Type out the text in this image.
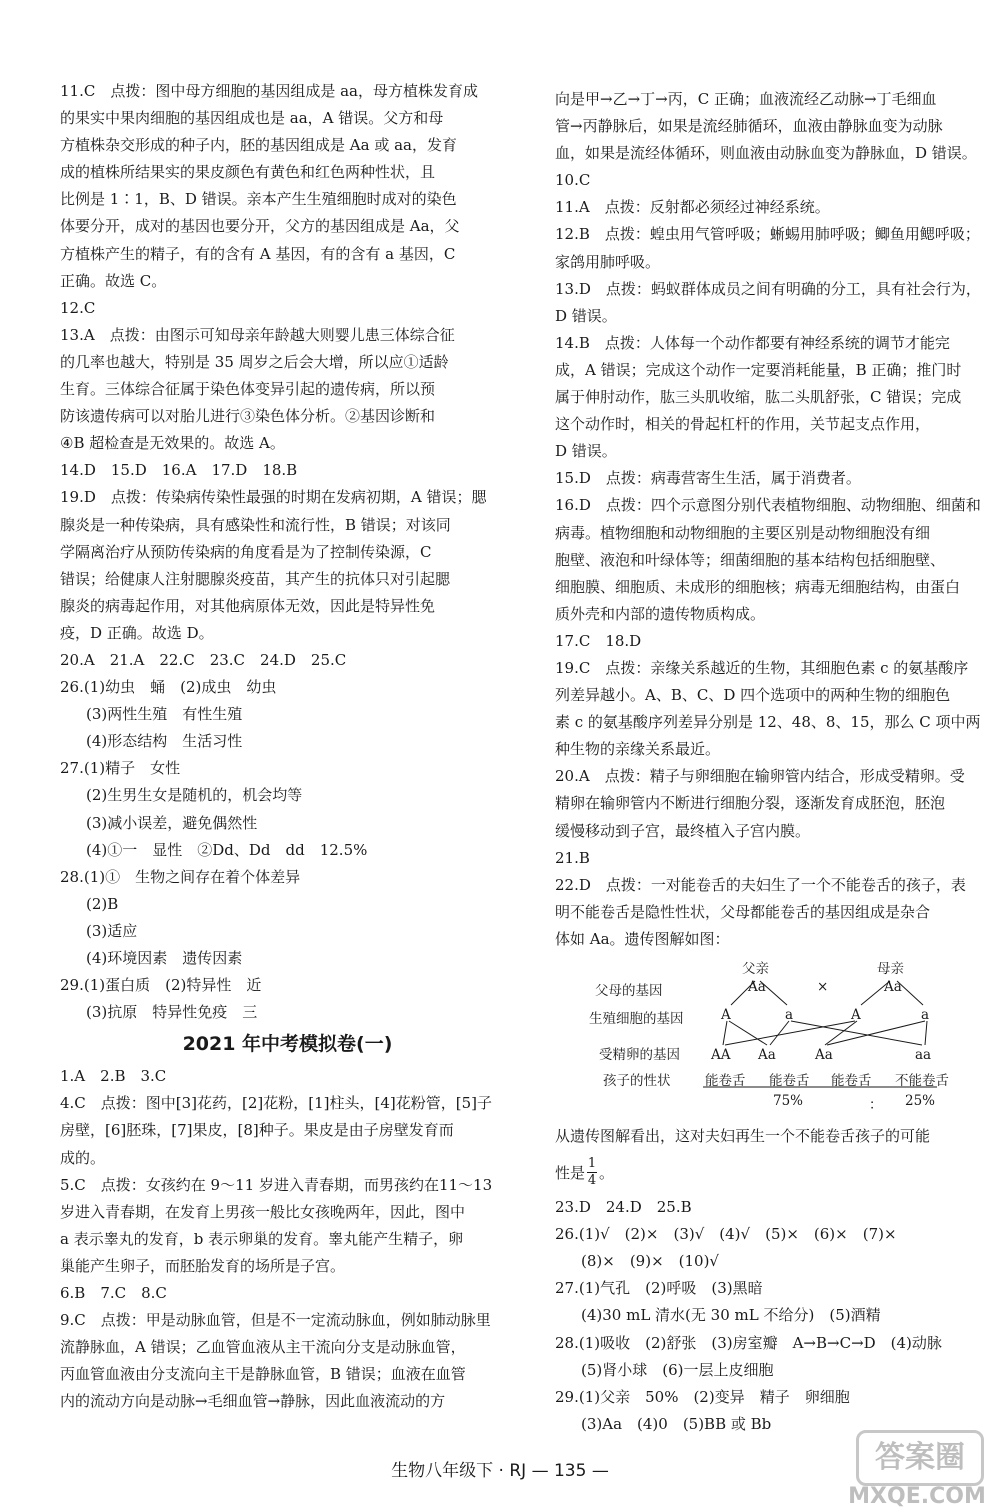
11.C　点拨：图中母方细胞的基因组成是 aa，母方植株发育成
的果实中果肉细胞的基因组成也是 aa，A 错误。父方和母
方植株杂交形成的种子内，胚的基因组成是 Aa 或 aa，发育
成的植株所结果实的果皮颜色有黄色和红色两种性状，且
比例是 1∶1，B、D 错误。亲本产生生殖细胞时成对的染色
体要分开，成对的基因也要分开，父方的基因组成是 Aa，父
方植株产生的精子，有的含有 A 基因，有的含有 a 基因，C
正确。故选 C。
12.C
13.A　点拨：由图示可知母亲年龄越大则婴儿患三体综合征
的几率也越大，特别是 35 周岁之后会大增，所以应①适龄
生育。三体综合征属于染色体变异引起的遗传病，所以预
防该遗传病可以对胎儿进行③染色体分析。②基因诊断和
④B 超检查是无效果的。故选 A。
14.D　15.D　16.A　17.D　18.B
19.D　点拨：传染病传染性最强的时期在发病初期，A 错误；腮
腺炎是一种传染病，具有感染性和流行性，B 错误；对该同
学隔离治疗从预防传染病的角度看是为了控制传染源，C
错误；给健康人注射腮腺炎疫苗，其产生的抗体只对引起腮
腺炎的病毒起作用，对其他病原体无效，因此是特异性免
疫，D 正确。故选 D。
20.A　21.A　22.C　23.C　24.D　25.C
26.(1)幼虫　蛹　(2)成虫　幼虫
(3)两性生殖　有性生殖
(4)形态结构　生活习性
27.(1)精子　女性
(2)生男生女是随机的，机会均等
(3)减小误差，避免偶然性
(4)①一　显性　②Dd、Dd　dd　12.5%
28.(1)①　生物之间存在着个体差异
(2)B
(3)适应
(4)环境因素　遗传因素
29.(1)蛋白质　(2)特异性　近
(3)抗原　特异性免疫　三
2021 年中考模拟卷(一)
1.A　2.B　3.C
4.C　点拨：图中[3]花药，[2]花粉，[1]柱头，[4]花粉管，[5]子
房壁，[6]胚珠，[7]果皮，[8]种子。果皮是由子房壁发育而
成的。
5.C　点拨：女孩约在 9～11 岁进入青春期，而男孩约在11～13
岁进入青春期，在发育上男孩一般比女孩晚两年，因此，图中
a 表示睾丸的发育，b 表示卵巢的发育。睾丸能产生精子，卵
巢能产生卵子，而胚胎发育的场所是子宫。
6.B　7.C　8.C
9.C　点拨：甲是动脉血管，但是不一定流动脉血，例如肺动脉里
流静脉血，A 错误；乙血管血液从主干流向分支是动脉血管，
丙血管血液由分支流向主干是静脉血管，B 错误；血液在血管
内的流动方向是动脉→毛细血管→静脉，因此血液流动的方
向是甲→乙→丁→丙，C 正确；血液流经乙动脉→丁毛细血
管→丙静脉后，如果是流经肺循环，血液由静脉血变为动脉
血，如果是流经体循环，则血液由动脉血变为静脉血，D 错误。
10.C
11.A　点拨：反射都必须经过神经系统。
12.B　点拨：蝗虫用气管呼吸；蜥蜴用肺呼吸；鲫鱼用鳃呼吸；
家鸽用肺呼吸。
13.D　点拨：蚂蚁群体成员之间有明确的分工，具有社会行为，
D 错误。
14.B　点拨：人体每一个动作都要有神经系统的调节才能完
成，A 错误；完成这个动作一定要消耗能量，B 正确；推门时
属于伸肘动作，肱三头肌收缩，肱二头肌舒张，C 错误；完成
这个动作时，相关的骨起杠杆的作用，关节起支点作用，
D 错误。
15.D　点拨：病毒营寄生生活，属于消费者。
16.D　点拨：四个示意图分别代表植物细胞、动物细胞、细菌和
病毒。植物细胞和动物细胞的主要区别是动物细胞没有细
胞壁、液泡和叶绿体等；细菌细胞的基本结构包括细胞壁、
细胞膜、细胞质、未成形的细胞核；病毒无细胞结构，由蛋白
质外壳和内部的遗传物质构成。
17.C　18.D
19.C　点拨：亲缘关系越近的生物，其细胞色素 c 的氨基酸序
列差异越小。A、B、C、D 四个选项中的两种生物的细胞色
素 c 的氨基酸序列差异分别是 12、48、8、15，那么 C 项中两
种生物的亲缘关系最近。
20.A　点拨：精子与卵细胞在输卵管内结合，形成受精卵。受
精卵在输卵管内不断进行细胞分裂，逐渐发育成胚泡，胚泡
缓慢移动到子宫，最终植入子宫内膜。
21.B
22.D　点拨：一对能卷舌的夫妇生了一个不能卷舌的孩子，表
明不能卷舌是隐性性状，父母都能卷舌的基因组成是杂合
体如 Aa。遗传图解如图：
父亲	母亲
父母的基因	Aa	×	Aa
生殖细胞的基因	A	a	A	a
受精卵的基因 AA Aa	Aa	aa
孩子的性状	能卷舌 能卷舌 能卷舌 不能卷舌
75%	： 25%
从遗传图解看出，这对夫妇再生一个不能卷舌孩子的可能
性是 $\frac{1}{4}$ 。
23.D　24.D　25.B
26.(1)√　(2)×　(3)√　(4)√　(5)×　(6)×　(7)×
(8)×　(9)×　(10)√
27.(1)气孔　(2)呼吸　(3)黑暗
(4)30 mL 清水(无 30 mL 不给分)　(5)酒精
28.(1)吸收　(2)舒张　(3)房室瓣　A→B→C→D　(4)动脉
(5)肾小球　(6)一层上皮细胞
29.(1)父亲　50%　(2)变异　精子　卵细胞
(3)Aa　(4)0　(5)BB 或 Bb
生物八年级下 · RJ — 135 —	答案圈
MXQE.COM
